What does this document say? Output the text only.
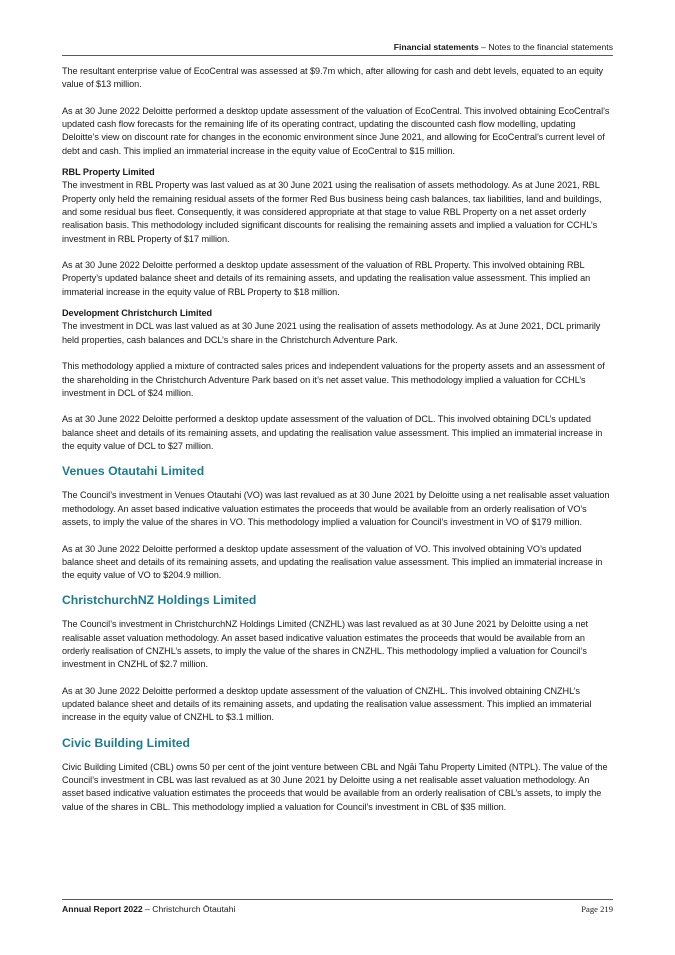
Financial statements – Notes to the financial statements

The resultant enterprise value of EcoCentral was assessed at $9.7m which, after allowing for cash and debt levels, equated to an equity value of $13 million.

As at 30 June 2022 Deloitte performed a desktop update assessment of the valuation of EcoCentral. This involved obtaining EcoCentral’s updated cash flow forecasts for the remaining life of its operating contract, updating the discounted cash flow modelling, updating Deloitte’s view on discount rate for changes in the economic environment since June 2021, and allowing for EcoCentral’s current level of debt and cash. This implied an immaterial increase in the equity value of EcoCentral to $15 million.

RBL Property Limited

The investment in RBL Property was last valued as at 30 June 2021 using the realisation of assets methodology. As at June 2021, RBL Property only held the remaining residual assets of the former Red Bus business being cash balances, tax liabilities, land and buildings, and some residual bus fleet. Consequently, it was considered appropriate at that stage to value RBL Property on a net asset orderly realisation basis. This methodology included significant discounts for realising the remaining assets and implied a valuation for CCHL’s investment in RBL Property of $17 million.

As at 30 June 2022 Deloitte performed a desktop update assessment of the valuation of RBL Property. This involved obtaining RBL Property’s updated balance sheet and details of its remaining assets, and updating the realisation value assessment. This implied an immaterial increase in the equity value of RBL Property to $18 million.

Development Christchurch Limited

The investment in DCL was last valued as at 30 June 2021 using the realisation of assets methodology. As at June 2021, DCL primarily held properties, cash balances and DCL’s share in the Christchurch Adventure Park.

This methodology applied a mixture of contracted sales prices and independent valuations for the property assets and an assessment of the shareholding in the Christchurch Adventure Park based on it’s net asset value. This methodology implied a valuation for CCHL’s investment in DCL of $24 million.

As at 30 June 2022 Deloitte performed a desktop update assessment of the valuation of DCL. This involved obtaining DCL’s updated balance sheet and details of its remaining assets, and updating the realisation value assessment. This implied an immaterial increase in the equity value of DCL to $27 million.

Venues Otautahi Limited

The Council’s investment in Venues Otautahi (VO) was last revalued as at 30 June 2021 by Deloitte using a net realisable asset valuation methodology. An asset based indicative valuation estimates the proceeds that would be available from an orderly realisation of VO’s assets, to imply the value of the shares in VO. This methodology implied a valuation for Council’s investment in VO of $179 million.

As at 30 June 2022 Deloitte performed a desktop update assessment of the valuation of VO. This involved obtaining VO’s updated balance sheet and details of its remaining assets, and updating the realisation value assessment. This implied an immaterial increase in the equity value of VO to $204.9 million.

ChristchurchNZ Holdings Limited

The Council’s investment in ChristchurchNZ Holdings Limited (CNZHL) was last revalued as at 30 June 2021 by Deloitte using a net realisable asset valuation methodology. An asset based indicative valuation estimates the proceeds that would be available from an orderly realisation of CNZHL’s assets, to imply the value of the shares in CNZHL. This methodology implied a valuation for Council’s investment in CNZHL of $2.7 million.

As at 30 June 2022 Deloitte performed a desktop update assessment of the valuation of CNZHL. This involved obtaining CNZHL’s updated balance sheet and details of its remaining assets, and updating the realisation value assessment. This implied an immaterial increase in the equity value of CNZHL to $3.1 million.

Civic Building Limited

Civic Building Limited (CBL) owns 50 per cent of the joint venture between CBL and Ngāi Tahu Property Limited (NTPL). The value of the Council’s investment in CBL was last revalued as at 30 June 2021 by Deloitte using a net realisable asset valuation methodology. An asset based indicative valuation estimates the proceeds that would be available from an orderly realisation of CBL’s assets, to imply the value of the shares in CBL. This methodology implied a valuation for Council’s investment in CBL of $35 million.

Annual Report 2022 – Christchurch Ōtautahi	Page 219
